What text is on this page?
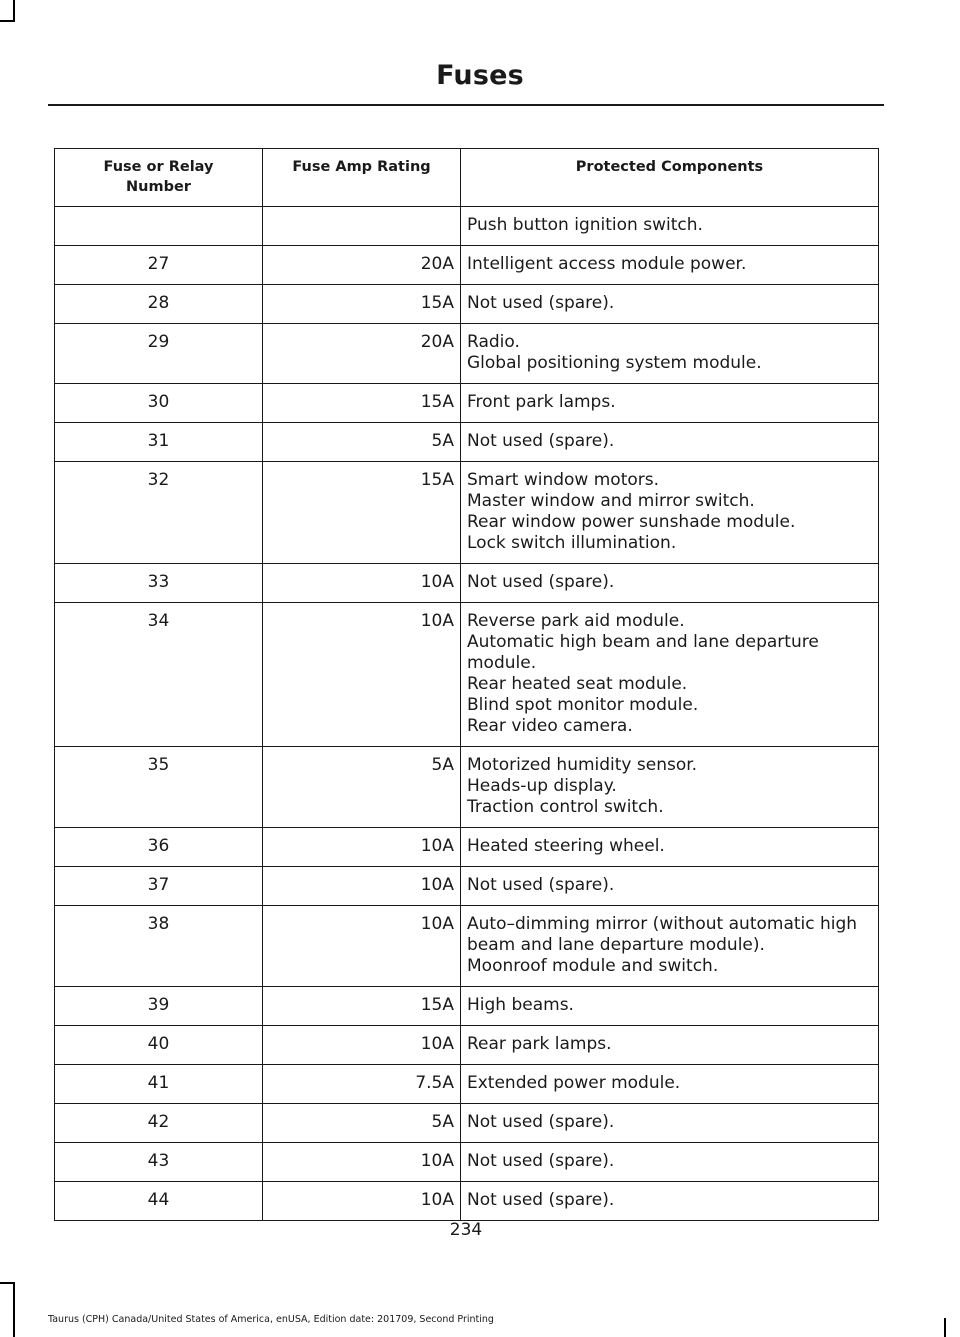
Fuses
Fuse or Relay Number	Fuse Amp Rating	Protected Components

		Push button ignition switch.

27	20A	Intelligent access module power.

28	15A	Not used (spare).

29	20A	Radio.
Global positioning system module.

30	15A	Front park lamps.

31	5A	Not used (spare).

32	15A	Smart window motors.
Master window and mirror switch.
Rear window power sunshade module.
Lock switch illumination.

33	10A	Not used (spare).

34	10A	Reverse park aid module.
Automatic high beam and lane departure module.
Rear heated seat module.
Blind spot monitor module.
Rear video camera.

35	5A	Motorized humidity sensor.
Heads-up display.
Traction control switch.

36	10A	Heated steering wheel.

37	10A	Not used (spare).

38	10A	Auto–dimming mirror (without automatic high beam and lane departure module).
Moonroof module and switch.

39	15A	High beams.

40	10A	Rear park lamps.

41	7.5A	Extended power module.

42	5A	Not used (spare).

43	10A	Not used (spare).

44	10A	Not used (spare).
234
Taurus (CPH) Canada/United States of America, enUSA, Edition date: 201709, Second Printing
